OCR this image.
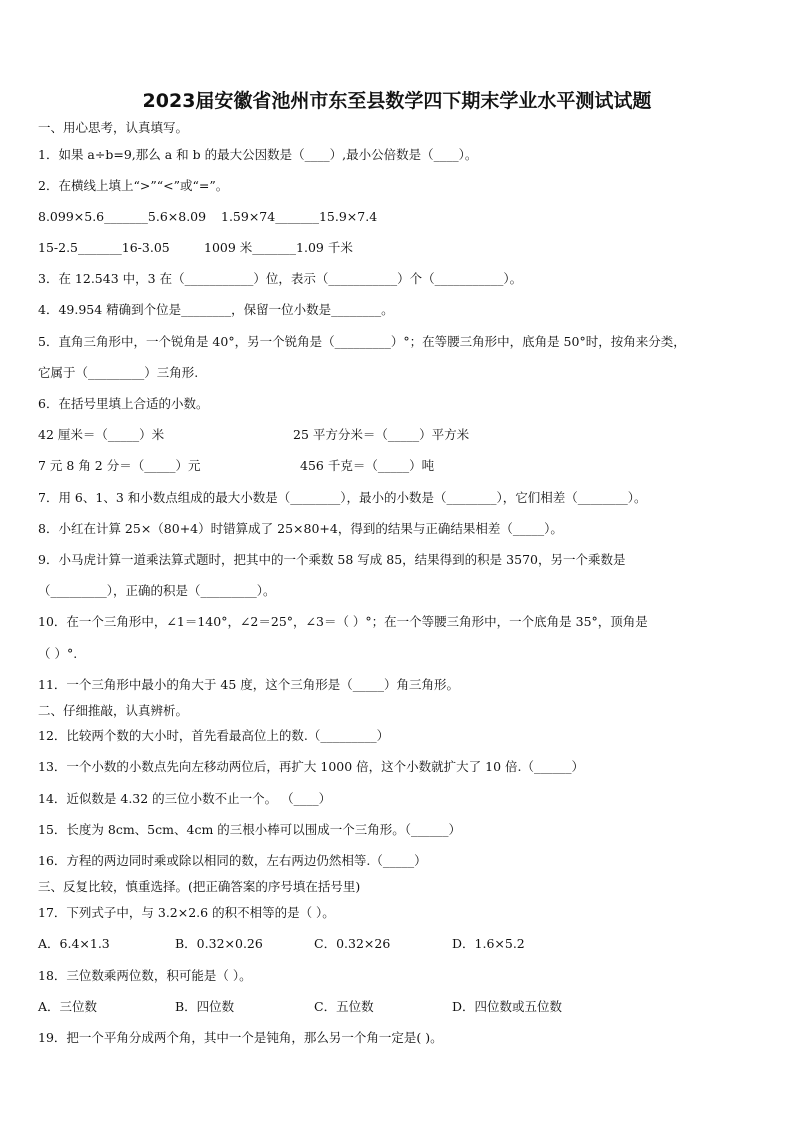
2023届安徽省池州市东至县数学四下期末学业水平测试试题
一、用心思考，认真填写。
1．如果 a÷b=9,那么 a 和 b 的最大公因数是（____）,最小公倍数是（____）。
2．在横线上填上“>”“<”或“=”。
8.099×5.6_______5.6×8.09 1.59×74_______15.9×7.4
15-2.5_______16-3.05	1009 米_______1.09 千米
3．在 12.543 中，3 在（___________）位，表示（___________）个（___________）。
4．49.954 精确到个位是________，保留一位小数是________。
5．直角三角形中，一个锐角是 40°，另一个锐角是（_________）°；在等腰三角形中，底角是 50°时，按角来分类，
它属于（_________）三角形.
6．在括号里填上合适的小数。
42 厘米＝（_____）米	25 平方分米＝（_____）平方米
7 元 8 角 2 分＝（_____）元	456 千克＝（_____）吨
7．用 6、1、3 和小数点组成的最大小数是（________），最小的小数是（________），它们相差（________）。
8．小红在计算 25×（80+4）时错算成了 25×80+4，得到的结果与正确结果相差（_____）。
9．小马虎计算一道乘法算式题时，把其中的一个乘数 58 写成 85，结果得到的积是 3570，另一个乘数是
（_________），正确的积是（_________）。
10．在一个三角形中，∠1＝140°，∠2＝25°，∠3＝（ ）°；在一个等腰三角形中，一个底角是 35°，顶角是
（ ）°.
11．一个三角形中最小的角大于 45 度，这个三角形是（_____）角三角形。
二、仔细推敲，认真辨析。
12．比较两个数的大小时，首先看最高位上的数.（_________）
13．一个小数的小数点先向左移动两位后，再扩大 1000 倍，这个小数就扩大了 10 倍.（______）
14．近似数是 4.32 的三位小数不止一个。 （____）
15．长度为 8cm、5cm、4cm 的三根小棒可以围成一个三角形。（______）
16．方程的两边同时乘或除以相同的数，左右两边仍然相等.（_____）
三、反复比较，慎重选择。(把正确答案的序号填在括号里)
17．下列式子中，与 3.2×2.6 的积不相等的是（ ）。
A．6.4×1.3	B．0.32×0.26	C．0.32×26	D．1.6×5.2
18．三位数乘两位数，积可能是（ ）。
A．三位数	B．四位数	C．五位数	D．四位数或五位数
19．把一个平角分成两个角，其中一个是钝角，那么另一个角一定是( )。
